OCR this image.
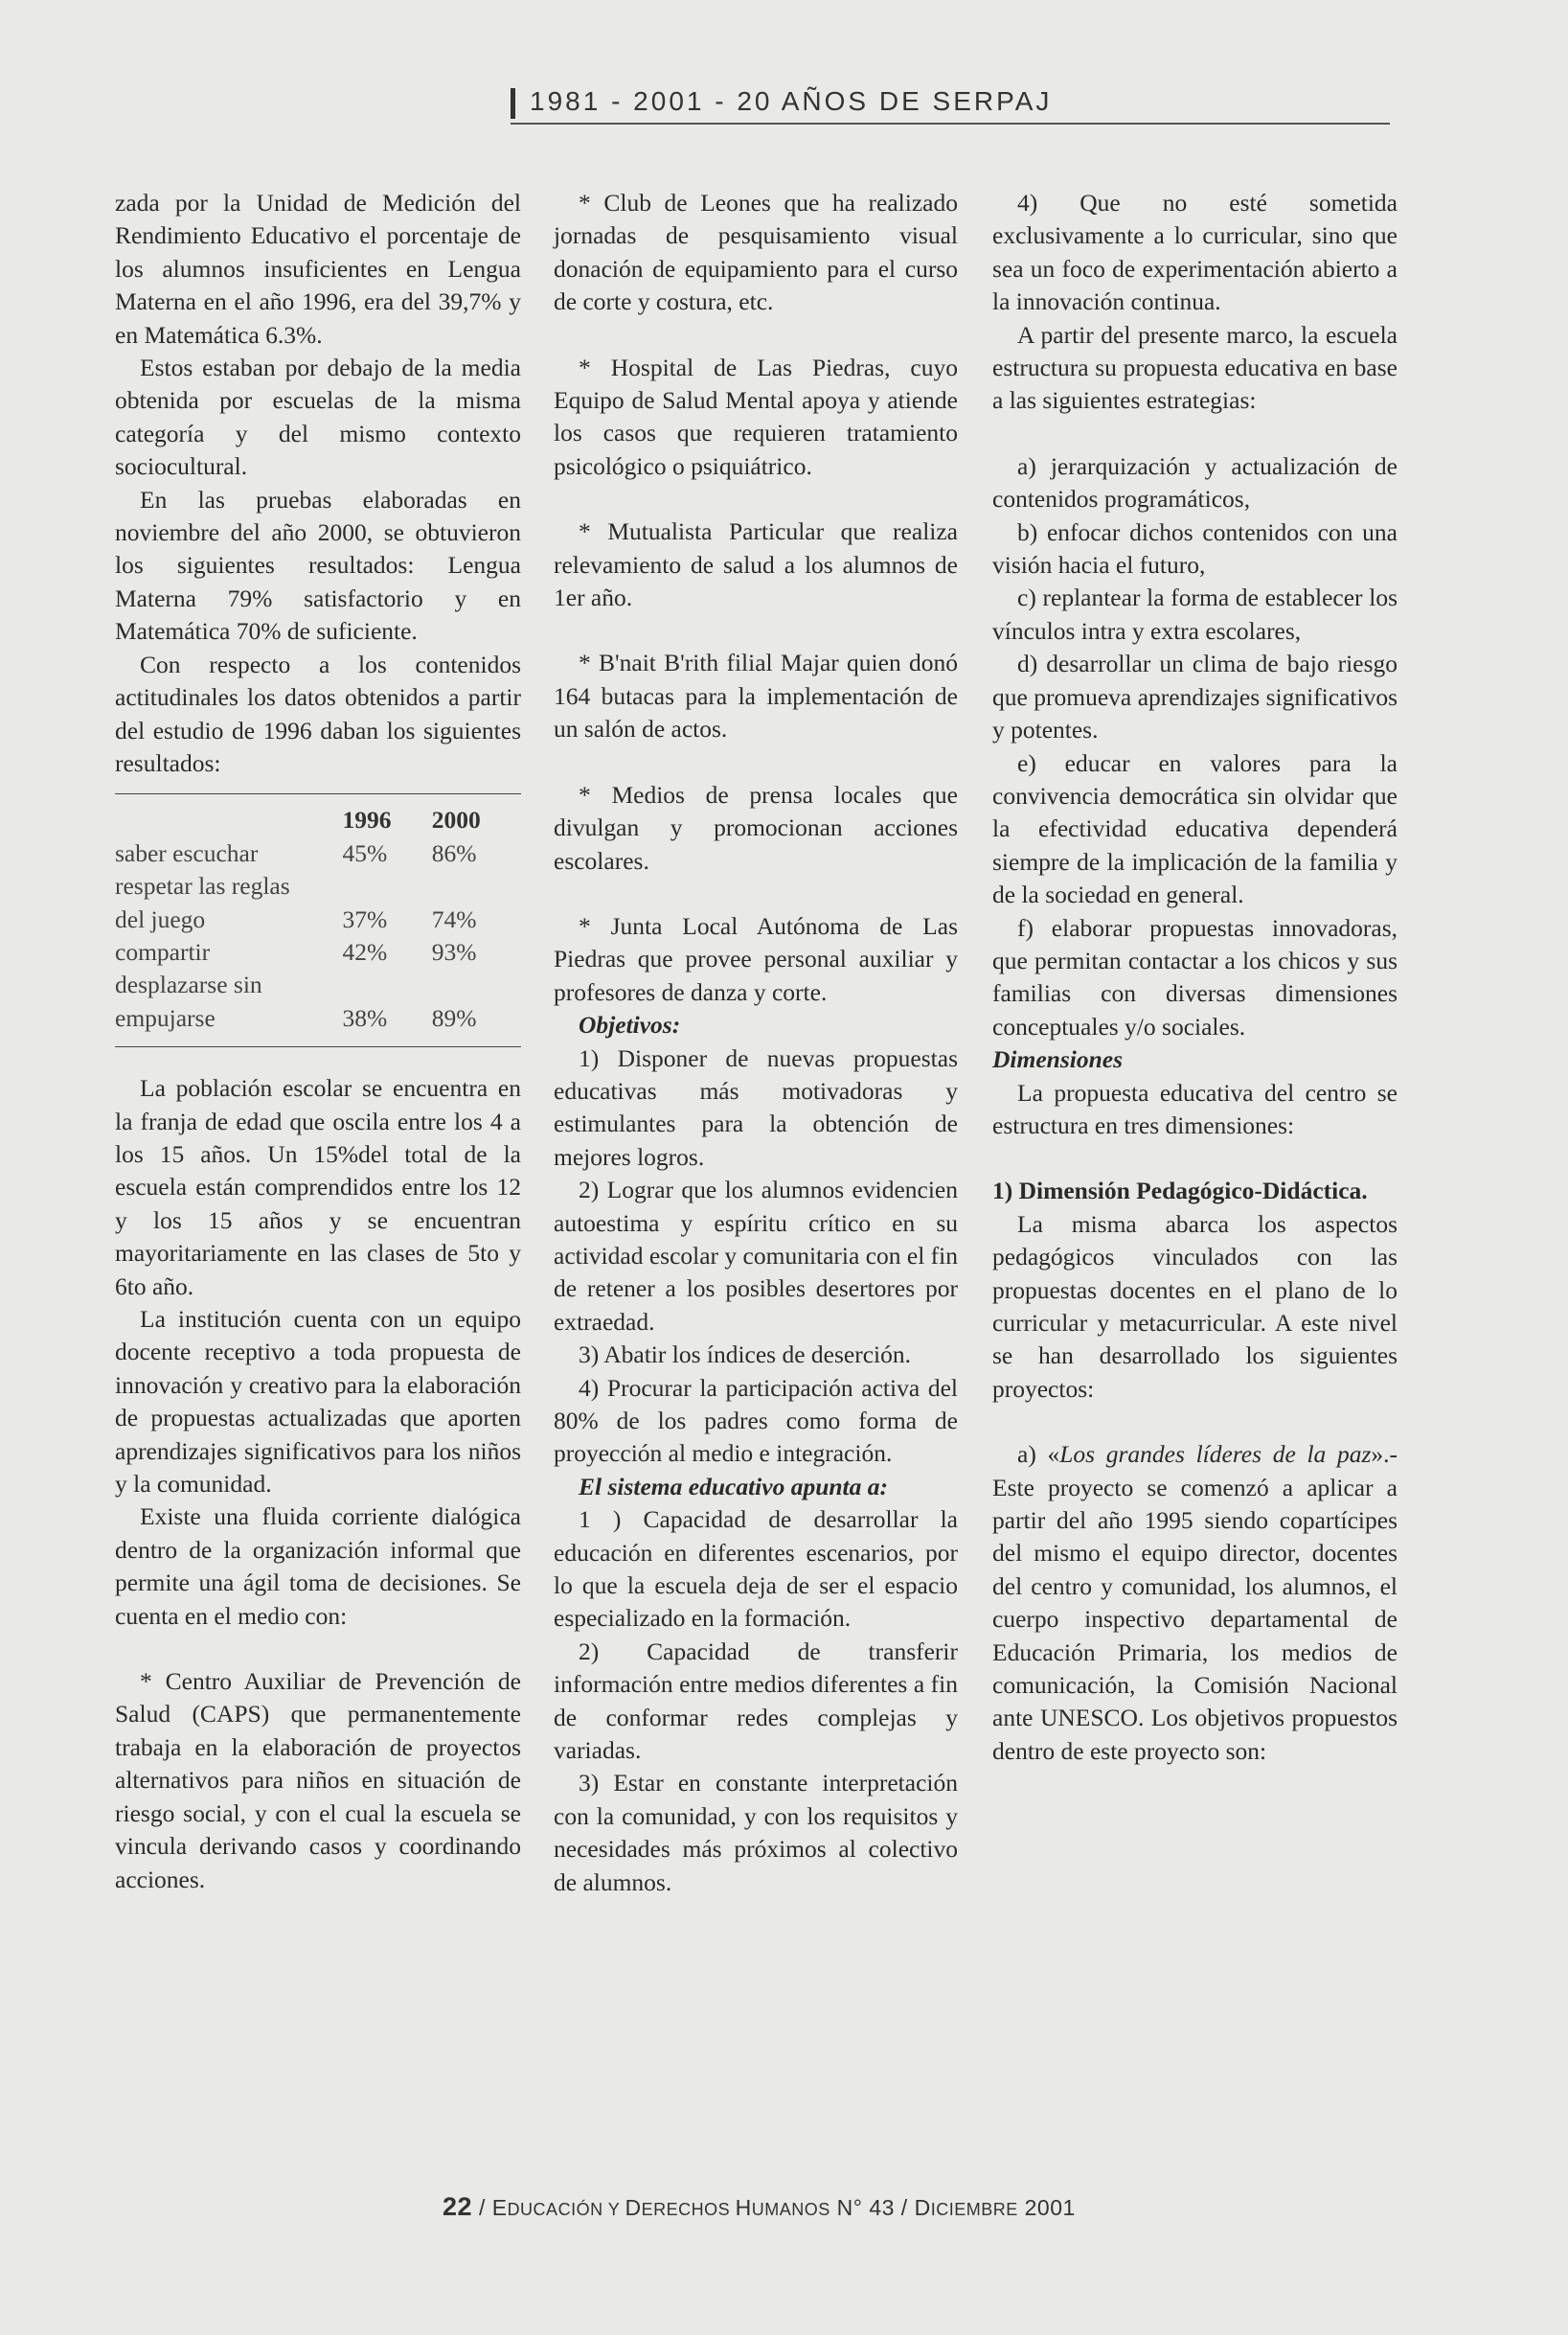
1981 - 2001 - 20 AÑOS DE SERPAJ

zada por la Unidad de Medición del Rendimiento Educativo el porcentaje de los alumnos insuficientes en Lengua Materna en el año 1996, era del 39,7% y en Matemática 6.3%.

Estos estaban por debajo de la media obtenida por escuelas de la misma categoría y del mismo contexto sociocultural.

En las pruebas elaboradas en noviembre del año 2000, se obtuvieron los siguientes resultados: Lengua Materna 79% satisfactorio y en Matemática 70% de suficiente.

Con respecto a los contenidos actitudinales los datos obtenidos a partir del estudio de 1996 daban los siguientes resultados:

	1996	2000
saber escuchar	45%	86%
respetar las reglas		
del juego	37%	74%
compartir	42%	93%
desplazarse sin		
empujarse	38%	89%

La población escolar se encuentra en la franja de edad que oscila entre los 4 a los 15 años. Un 15%del total de la escuela están comprendidos entre los 12 y los 15 años y se encuentran mayoritariamente en las clases de 5to y 6to año.

La institución cuenta con un equipo docente receptivo a toda propuesta de innovación y creativo para la elaboración de propuestas actualizadas que aporten aprendizajes significativos para los niños y la comunidad.

Existe una fluida corriente dialógica dentro de la organización informal que permite una ágil toma de decisiones. Se cuenta en el medio con:

* Centro Auxiliar de Prevención de Salud (CAPS) que permanentemente trabaja en la elaboración de proyectos alternativos para niños en situación de riesgo social, y con el cual la escuela se vincula derivando casos y coordinando acciones.

* Club de Leones que ha realizado jornadas de pesquisamiento visual donación de equipamiento para el curso de corte y costura, etc.

* Hospital de Las Piedras, cuyo Equipo de Salud Mental apoya y atiende los casos que requieren tratamiento psicológico o psiquiátrico.

* Mutualista Particular que realiza relevamiento de salud a los alumnos de 1er año.

* B'nait B'rith filial Majar quien donó 164 butacas para la implementación de un salón de actos.

* Medios de prensa locales que divulgan y promocionan acciones escolares.

* Junta Local Autónoma de Las Piedras que provee personal auxiliar y profesores de danza y corte.

Objetivos:

1) Disponer de nuevas propuestas educativas más motivadoras y estimulantes para la obtención de mejores logros.

2) Lograr que los alumnos evidencien autoestima y espíritu crítico en su actividad escolar y comunitaria con el fin de retener a los posibles desertores por extraedad.

3) Abatir los índices de deserción.

4) Procurar la participación activa del 80% de los padres como forma de proyección al medio e integración.

El sistema educativo apunta a:

1 ) Capacidad de desarrollar la educación en diferentes escenarios, por lo que la escuela deja de ser el espacio especializado en la formación.

2) Capacidad de transferir información entre medios diferentes a fin de conformar redes complejas y variadas.

3) Estar en constante interpretación con la comunidad, y con los requisitos y necesidades más próximos al colectivo de alumnos.

4) Que no esté sometida exclusivamente a lo curricular, sino que sea un foco de experimentación abierto a la innovación continua.

A partir del presente marco, la escuela estructura su propuesta educativa en base a las siguientes estrategias:

a) jerarquización y actualización de contenidos programáticos,

b) enfocar dichos contenidos con una visión hacia el futuro,

c) replantear la forma de establecer los vínculos intra y extra escolares,

d) desarrollar un clima de bajo riesgo que promueva aprendizajes significativos y potentes.

e) educar en valores para la convivencia democrática sin olvidar que la efectividad educativa dependerá siempre de la implicación de la familia y de la sociedad en general.

f) elaborar propuestas innovadoras, que permitan contactar a los chicos y sus familias con diversas dimensiones conceptuales y/o sociales.

Dimensiones

La propuesta educativa del centro se estructura en tres dimensiones:

1) Dimensión Pedagógico-Didáctica.

La misma abarca los aspectos pedagógicos vinculados con las propuestas docentes en el plano de lo curricular y metacurricular. A este nivel se han desarrollado los siguientes proyectos:

a) «Los grandes líderes de la paz».- Este proyecto se comenzó a aplicar a partir del año 1995 siendo copartícipes del mismo el equipo director, docentes del centro y comunidad, los alumnos, el cuerpo inspectivo departamental de Educación Primaria, los medios de comunicación, la Comisión Nacional ante UNESCO. Los objetivos propuestos dentro de este proyecto son:

22 / EDUCACIÓN Y DERECHOS HUMANOS N° 43 / DICIEMBRE 2001
